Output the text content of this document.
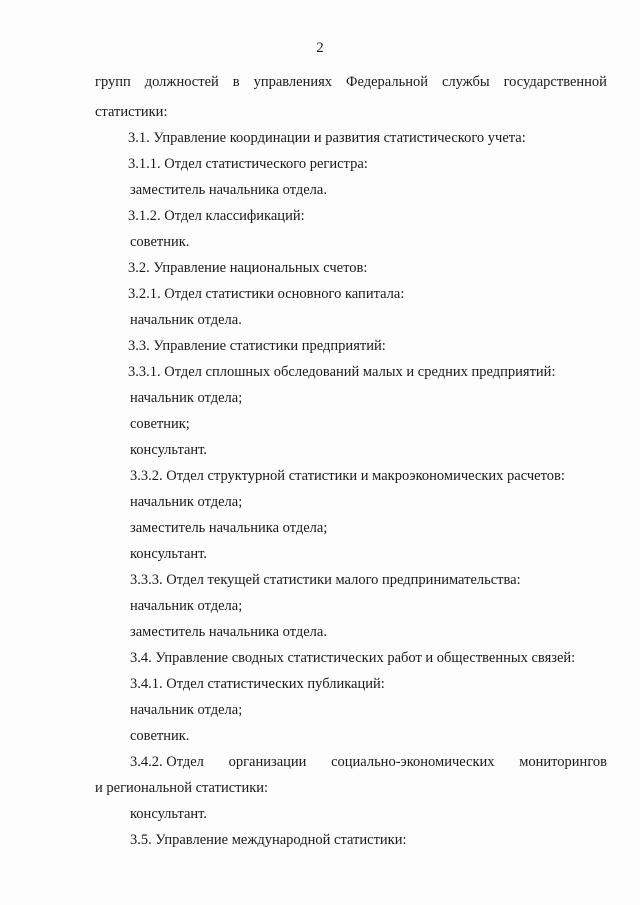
2
групп должностей в управлениях Федеральной службы государственной
статистики:
3.1. Управление координации и развития статистического учета:
3.1.1. Отдел статистического регистра:
заместитель начальника отдела.
3.1.2. Отдел классификаций:
советник.
3.2. Управление национальных счетов:
3.2.1. Отдел статистики основного капитала:
начальник отдела.
3.3. Управление статистики предприятий:
3.3.1. Отдел сплошных обследований малых и средних предприятий:
начальник отдела;
советник;
консультант.
3.3.2. Отдел структурной статистики и макроэкономических расчетов:
начальник отдела;
заместитель начальника отдела;
консультант.
3.3.3. Отдел текущей статистики малого предпринимательства:
начальник отдела;
заместитель начальника отдела.
3.4. Управление сводных статистических работ и общественных связей:
3.4.1. Отдел статистических публикаций:
начальник отдела;
советник.
3.4.2. Отдел организации социально-экономических мониторингов
и региональной статистики:
консультант.
3.5. Управление международной статистики:
